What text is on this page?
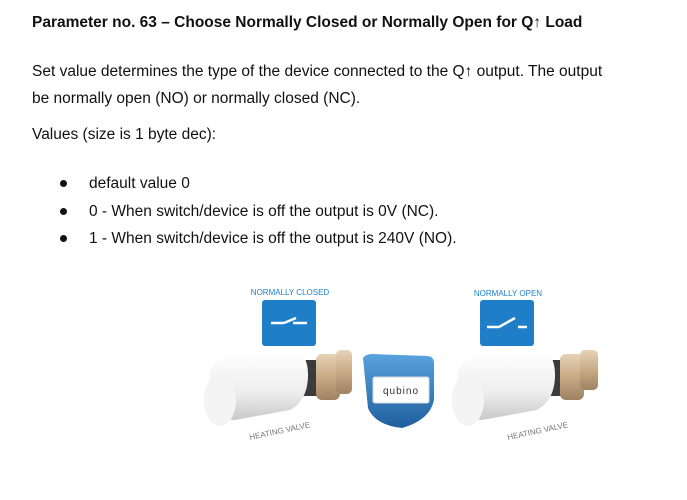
Parameter no. 63 – Choose Normally Closed or Normally Open for Q↑ Load
Set value determines the type of the device connected to the Q↑ output. The output
be normally open (NO) or normally closed (NC).
Values (size is 1 byte dec):
default value 0
0 - When switch/device is off the output is 0V (NC).
1 - When switch/device is off the output is 240V (NO).
NORMALLY CLOSED	NORMALLY OPEN
HEATING VALVE
qubino
HEATING VALVE
